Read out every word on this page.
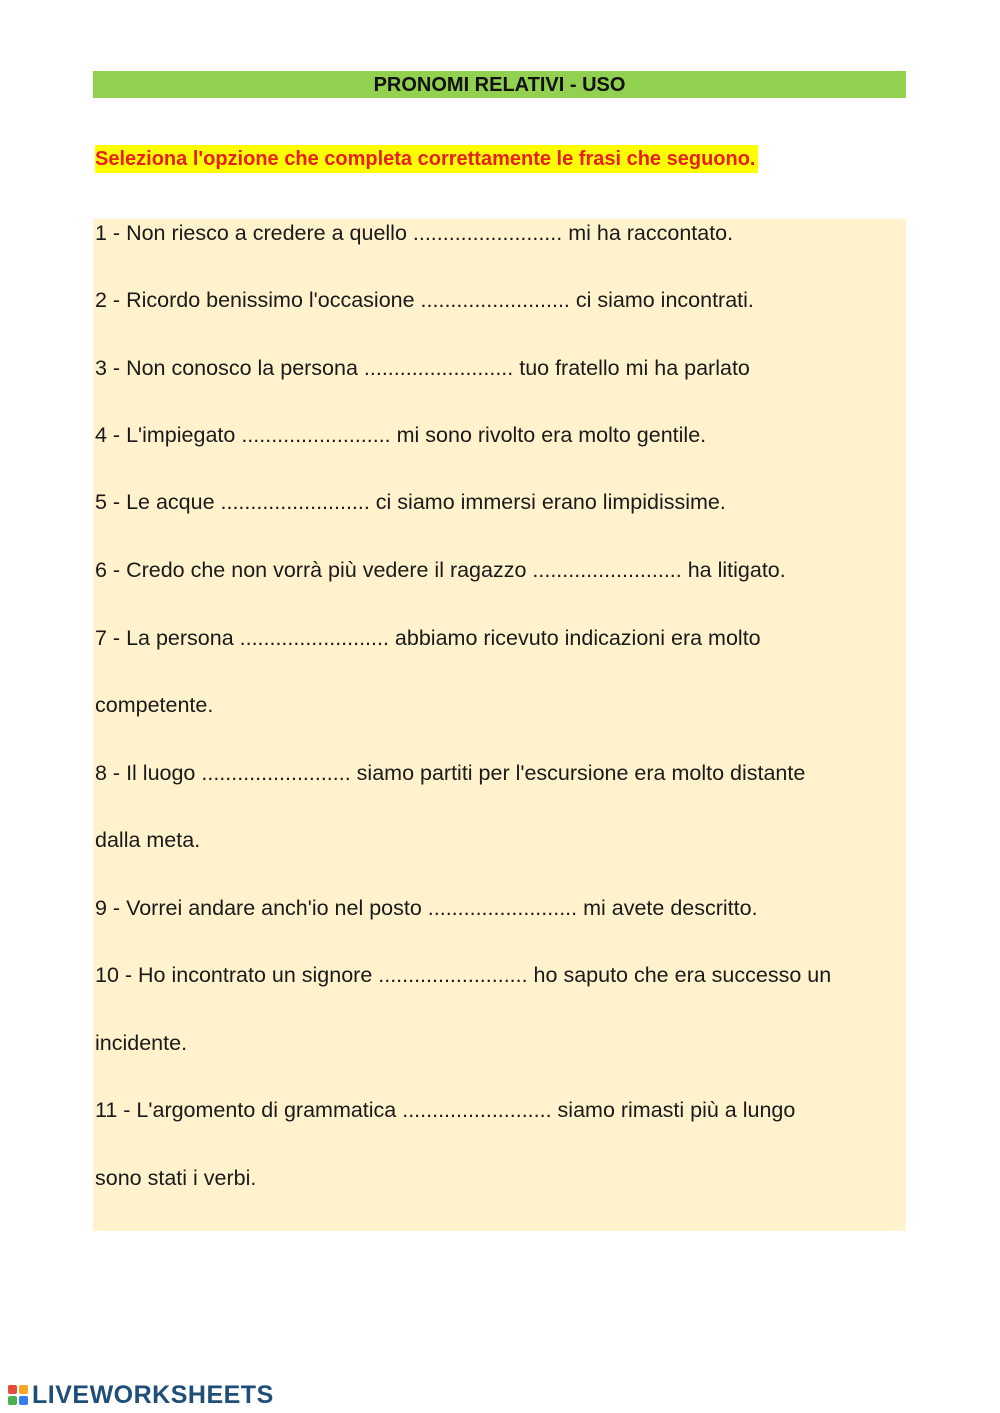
PRONOMI RELATIVI - USO
Seleziona l'opzione che completa correttamente le frasi che seguono.
1 - Non riesco a credere a quello ......................... mi ha raccontato.
2 - Ricordo benissimo l'occasione ......................... ci siamo incontrati.
3 - Non conosco la persona ......................... tuo fratello mi ha parlato
4 - L'impiegato ......................... mi sono rivolto era molto gentile.
5 - Le acque ......................... ci siamo immersi erano limpidissime.
6 - Credo che non vorrà più vedere il ragazzo ......................... ha litigato.
7 - La persona ......................... abbiamo ricevuto indicazioni era molto
competente.
8 - Il luogo ......................... siamo partiti per l'escursione era molto distante
dalla meta.
9 - Vorrei andare anch'io nel posto ......................... mi avete descritto.
10 - Ho incontrato un signore ......................... ho saputo che era successo un
incidente.
11 - L'argomento di grammatica ......................... siamo rimasti più a lungo
sono stati i verbi.
LIVEWORKSHEETS
